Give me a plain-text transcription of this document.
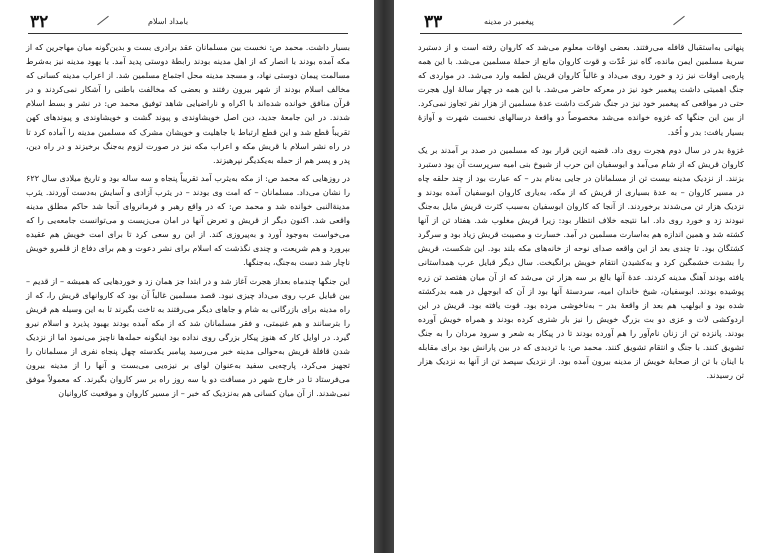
۳۲	بامداد اسلام

بسیار داشت. محمد ص: نخست بین مسلمانان عقد برادری بست و بدین‌گونه میان مهاجرین که از مکه آمده بودند با انصار که از اهل مدینه بودند رابطهٔ دوستی پدید آمد. با یهود مدینه نیز به‌شرط مسالمت پیمان دوستی نهاد، و مسجد مدینه محل اجتماع مسلمین شد. از اعراب مدینه کسانی که مخالف اسلام بودند از شهر بیرون رفتند و بعضی که مخالفت باطنی را آشکار نمی‌کردند و در قرآن منافق خوانده شده‌اند با اکراه و ناراضیایی شاهد توفیق محمد ص: در نشر و بسط اسلام شدند. در این جامعهٔ جدید، دین اصل خویشاوندی و پیوند گشت و خویشاوندی و پیوندهای کهن تقریباً قطع شد و این قطع ارتباط با جاهلیت و خویشان مشرک که مسلمین مدینه را آماده کرد تا در راه نشر اسلام با قریش مکه و اعراب مکه نیز در صورت لزوم به‌جنگ برخیزند و در راه دین، پدر و پسر هم از حمله به‌یکدیگر نپرهیزند.

در روزهایی که محمد ص: از مکه به‌یثرب آمد تقریباً پنجاه و سه ساله بود و تاریخ میلادی سال ۶۲۲ را نشان می‌داد. مسلمانان – که امت وی بودند – در یثرب آزادی و آسایش به‌دست آوردند. یثرب مدینة‌النبی خوانده شد و محمد ص: که در واقع رهبر و فرمانروای آنجا شد حاکم مطلق مدینه واقعی شد. اکنون دیگر از قریش و تعرض آنها در امان می‌زیست و می‌توانست جامعه‌یی را که می‌خواست به‌وجود آورد و به‌پیروزی کند. از این رو سعی کرد تا برای امت خویش هم عقیده بپرورد و هم شریعت، و چندی نگذشت که اسلام برای نشر دعوت و هم برای دفاع از قلمرو خویش ناچار شد دست به‌جنگ، به‌جنگها.

این جنگها چندماه بعداز هجرت آغاز شد و در ابتدا جز همان زد و خوردهایی که همیشه – از قدیم – بین قبایل عرب روی می‌داد چیزی نبود. قصد مسلمین غالباً آن بود که کاروانهای قریش را، که از راه مدینه برای بازرگانی به شام و جاهای دیگر می‌رفتند به تاخت بگیرند تا به این وسیله هم قریش را بترسانند و هم غنیمتی، و فقر مسلمانان شد که از مکه آمده بودند بهبود پذیرد و اسلام نیرو گیرد. در اوایل کار که هنوز پیکار بزرگی روی نداده بود اینگونه حمله‌ها ناچیز می‌نمود اما از نزدیک شدن قافلهٔ قریش به‌حوالی مدینه خبر می‌رسید پیامبر یکدسته چهل پنجاه نفری از مسلمانان را تجهیز می‌کرد، پارچه‌یی سفید به‌عنوان لوای بر نیزه‌یی می‌بست و آنها را از مدینه بیرون می‌فرستاد تا در خارج شهر در مسافت دو یا سه روز راه بر سر کاروان بگیرند. که معمولاً موفق نمی‌شدند. از آن میان کسانی هم به‌نزدیک که خبر – از مسیر کاروان و موقعیت کاروانیان

۳۳	پیغمبر در مدینه

پنهانی به‌استقبال قافله می‌رفتند. بعضی اوقات معلوم می‌شد که کاروان رفته است و از دستبرد سریهٔ مسلمین ایمن مانده، گاه نیز عُدّت و قوت کاروان مانع از حملهٔ مسلمین می‌شد. با این همه پاره‌یی اوقات نیز زد و خورد روی می‌داد و غالباً کاروان قریش لطمه وارد می‌شد. در مواردی که جنگ اهمیتی داشت پیغمبر خود نیز در معرکه حاضر می‌شد. با این همه در چهار سالهٔ اول هجرت حتی در مواقعی که پیغمبر خود نیز در جنگ شرکت داشت عدهٔ مسلمین از هزار نفر تجاوز نمی‌کرد. از بین این جنگها که غزوه خوانده می‌شد مخصوصاً دو واقعهٔ درسالهای نخست شهرت و آوازهٔ بسیار یافت: بدر و اُحُد.

غزوهٔ بدر در سال دوم هجرت روی داد. قضیه ازین قرار بود که مسلمین در صدد بر آمدند بر یک کاروان قریش که از شام می‌آمد و ابوسفیان ابن حرب از شیوخ بنی امیه سرپرست آن بود دستبرد بزنند. از نزدیک مدینه بیست تن از مسلمانان در جایی به‌نام بدر – که عبارت بود از چند حلقه چاه در مسیر کاروان – به عدهٔ بسیاری از قریش که از مکه، به‌یاری کاروان ابوسفیان آمده بودند و نزدیک هزار تن می‌شدند برخوردند. از آنجا که کاروان ابوسفیان به‌سبب کثرت قریش مایل به‌جنگ نبودند زد و خورد روی داد. اما نتیجه خلاف انتظار بود: زیرا قریش مغلوب شد. هفتاد تن از آنها کشته شد و همین اندازه هم به‌اسارت مسلمین در آمد. خسارت و مصیبت قریش زیاد بود و سرگرد کشتگان بود. تا چندی بعد از این واقعه صدای نوحه از خانه‌های مکه بلند بود. این شکست، قریش را بشدت خشمگین کرد و به‌کشیدن انتقام خویش برانگیخت. سال دیگر قبایل عرب همداستانی یافته بودند آهنگ مدینه کردند. عدهٔ آنها بالغ بر سه هزار تن می‌شد که از آن میان هفتصد تن زره پوشیده بودند. ابوسفیان، شیخ خاندان امیه، سردستهٔ آنها بود از آن که ابوجهل در همه بدرکشته شده بود و ابولهب هم بعد از واقعهٔ بدر – به‌ناخوشی مرده بود. قوت یافته بود. قریش در این اردوکشی لات و عزی دو بت بزرگ خویش را نیز بار شتری کرده بودند و همراه خویش آورده بودند. پانزده تن از زنان نام‌آور را هم آورده بودند تا در پیکار به شعر و سرود مردان را به جنگ تشویق کنند. با جنگ و انتقام تشویق کنند. محمد ص: با تردیدی که در بین پارانش بود برای مقابله با اینان با تن از صحابهٔ خویش از مدینه بیرون آمده بود. از نزدیک سپصد تن از آنها به نزدیک هزار تن رسیدند.
